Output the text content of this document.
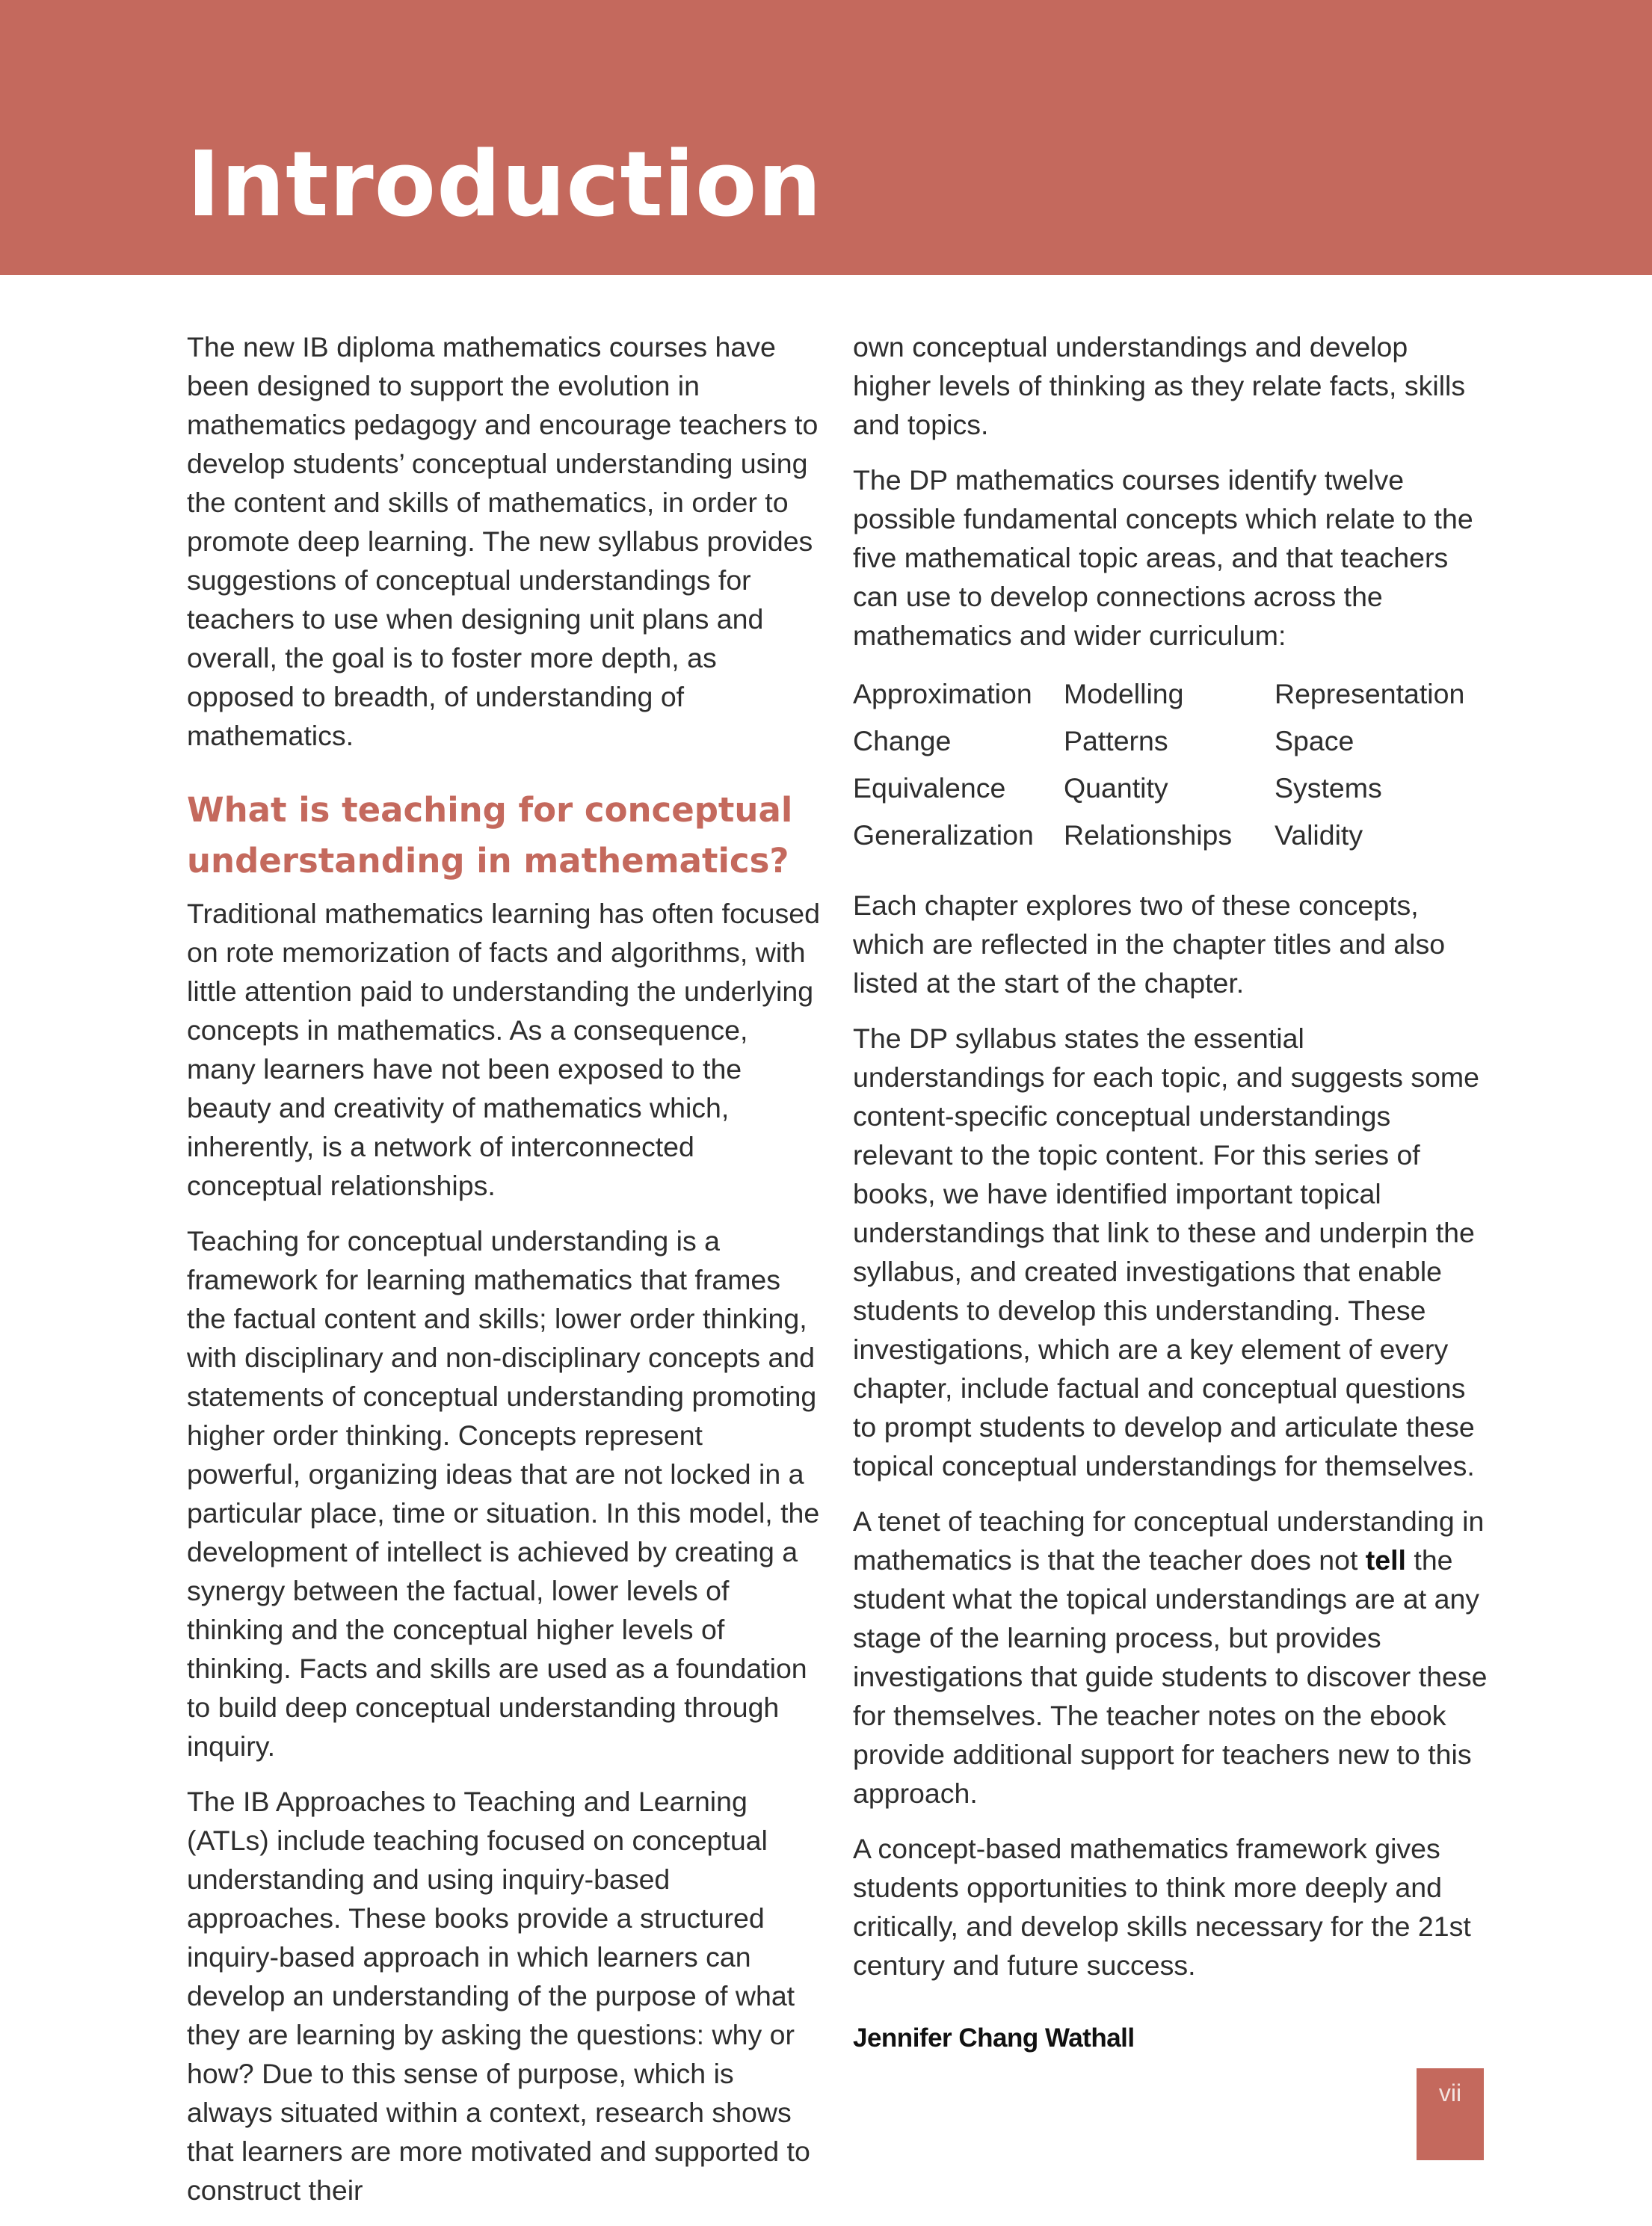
Introduction

The new IB diploma mathematics courses have been designed to support the evolution in mathematics pedagogy and encourage teachers to develop students’ conceptual understanding using the content and skills of mathematics, in order to promote deep learning. The new syllabus provides suggestions of conceptual understandings for teachers to use when designing unit plans and overall, the goal is to foster more depth, as opposed to breadth, of understanding of mathematics.

What is teaching for conceptual understanding in mathematics?

Traditional mathematics learning has often focused on rote memorization of facts and algorithms, with little attention paid to understanding the underlying concepts in mathematics. As a consequence, many learners have not been exposed to the beauty and creativity of mathematics which, inherently, is a network of interconnected conceptual relationships.

Teaching for conceptual understanding is a framework for learning mathematics that frames the factual content and skills; lower order thinking, with disciplinary and non-disciplinary concepts and statements of conceptual understanding promoting higher order thinking. Concepts represent powerful, organizing ideas that are not locked in a particular place, time or situation. In this model, the development of intellect is achieved by creating a synergy between the factual, lower levels of thinking and the conceptual higher levels of thinking. Facts and skills are used as a foundation to build deep conceptual understanding through inquiry.

The IB Approaches to Teaching and Learning (ATLs) include teaching focused on conceptual understanding and using inquiry-based approaches. These books provide a structured inquiry-based approach in which learners can develop an understanding of the purpose of what they are learning by asking the questions: why or how? Due to this sense of purpose, which is always situated within a context, research shows that learners are more motivated and supported to construct their

own conceptual understandings and develop higher levels of thinking as they relate facts, skills and topics.

The DP mathematics courses identify twelve possible fundamental concepts which relate to the five mathematical topic areas, and that teachers can use to develop connections across the mathematics and wider curriculum:

Approximation	Modelling	Representation
Change	Patterns	Space
Equivalence	Quantity	Systems
Generalization	Relationships	Validity

Each chapter explores two of these concepts, which are reflected in the chapter titles and also listed at the start of the chapter.

The DP syllabus states the essential understandings for each topic, and suggests some content-specific conceptual understandings relevant to the topic content. For this series of books, we have identified important topical understandings that link to these and underpin the syllabus, and created investigations that enable students to develop this understanding. These investigations, which are a key element of every chapter, include factual and conceptual questions to prompt students to develop and articulate these topical conceptual understandings for themselves.

A tenet of teaching for conceptual understanding in mathematics is that the teacher does not tell the student what the topical understandings are at any stage of the learning process, but provides investigations that guide students to discover these for themselves. The teacher notes on the ebook provide additional support for teachers new to this approach.

A concept-based mathematics framework gives students opportunities to think more deeply and critically, and develop skills necessary for the 21st century and future success.

Jennifer Chang Wathall
vii
